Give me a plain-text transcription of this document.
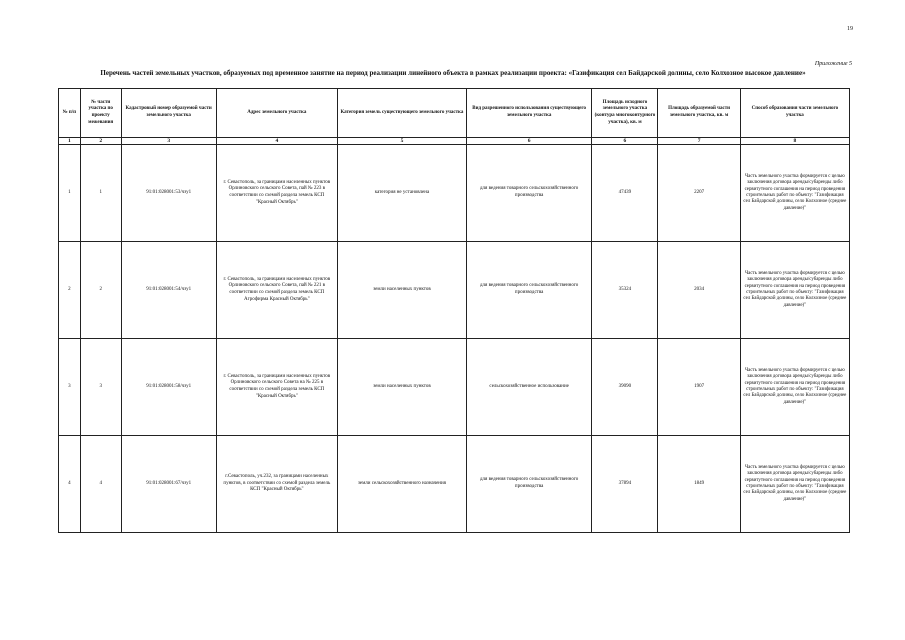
19
Приложение 5
Перечень частей земельных участков, образуемых под временное занятие на период реализации линейного объекта в рамках реализации проекта: «Газификация сел Байдарской долины, село Колхозное высокое давление»
№ п/п	№ части участка по проекту межевания	Кадастровый номер образуемой части земельного участка	Адрес земельного участка	Категория земель существующего земельного участка	Вид разрешенного использования существующего земельного участка	Площадь исходного земельного участка (контура многоконтурного участка), кв. м	Площадь образуемой части земельного участка, кв. м	Способ образования части земельного участка
1	2	3	4	5	6	6	7	8
1	1	91:01:028001:53/чзу1	г. Севастополь, за границами населенных пунктов Орлиновского сельского Совета, пай № 223 в соответствии со схемой раздела земель КСП "Красный Октябрь"	категория не установлена	для ведения товарного сельскохозяйственного производства	47439	2207	Часть земельного участка формируется с целью заключения договора аренды/субаренды либо сервитутного соглашения на период проведения строительных работ по объекту: "Газификация сел Байдарской долины, село Колхозное (среднее давление)"
2	2	91:01:028001:54/чзу1	г. Севастополь, за границами населенных пунктов Орлиновского сельского Совета, пай № 221 в соответствии со схемой раздела земель КСП Агрофирма Красный Октябрь"	земли населенных пунктов	для ведения товарного сельскохозяйственного производства	35324	2034	Часть земельного участка формируется с целью заключения договора аренды/субаренды либо сервитутного соглашения на период проведения строительных работ по объекту: "Газификация сел Байдарской долины, село Колхозное (среднее давление)"
3	3	91:01:028001:58/чзу1	г. Севастополь, за границами населенных пунктов Орлиновского сельского Совета на № 225 в соответствии со схемой раздела земель КСП "Красный Октябрь"	земли населенных пунктов	сельскохозяйственное использование	39090	1907	Часть земельного участка формируется с целью заключения договора аренды/субаренды либо сервитутного соглашения на период проведения строительных работ по объекту: "Газификация сел Байдарской долины, село Колхозное (среднее давление)"
4	4	91:01:028001:67/чзу1	г.Севастополь, уч.232, за границами населенных пунктов, в соответствии со схемой раздела земель КСП "Красный Октябрь"	земли сельскохозяйственного назначения	для ведения товарного сельскохозяйственного производства	37894	1849	Часть земельного участка формируется с целью заключения договора аренды/субаренды либо сервитутного соглашения на период проведения строительных работ по объекту: "Газификация сел Байдарской долины, село Колхозное (среднее давление)"
